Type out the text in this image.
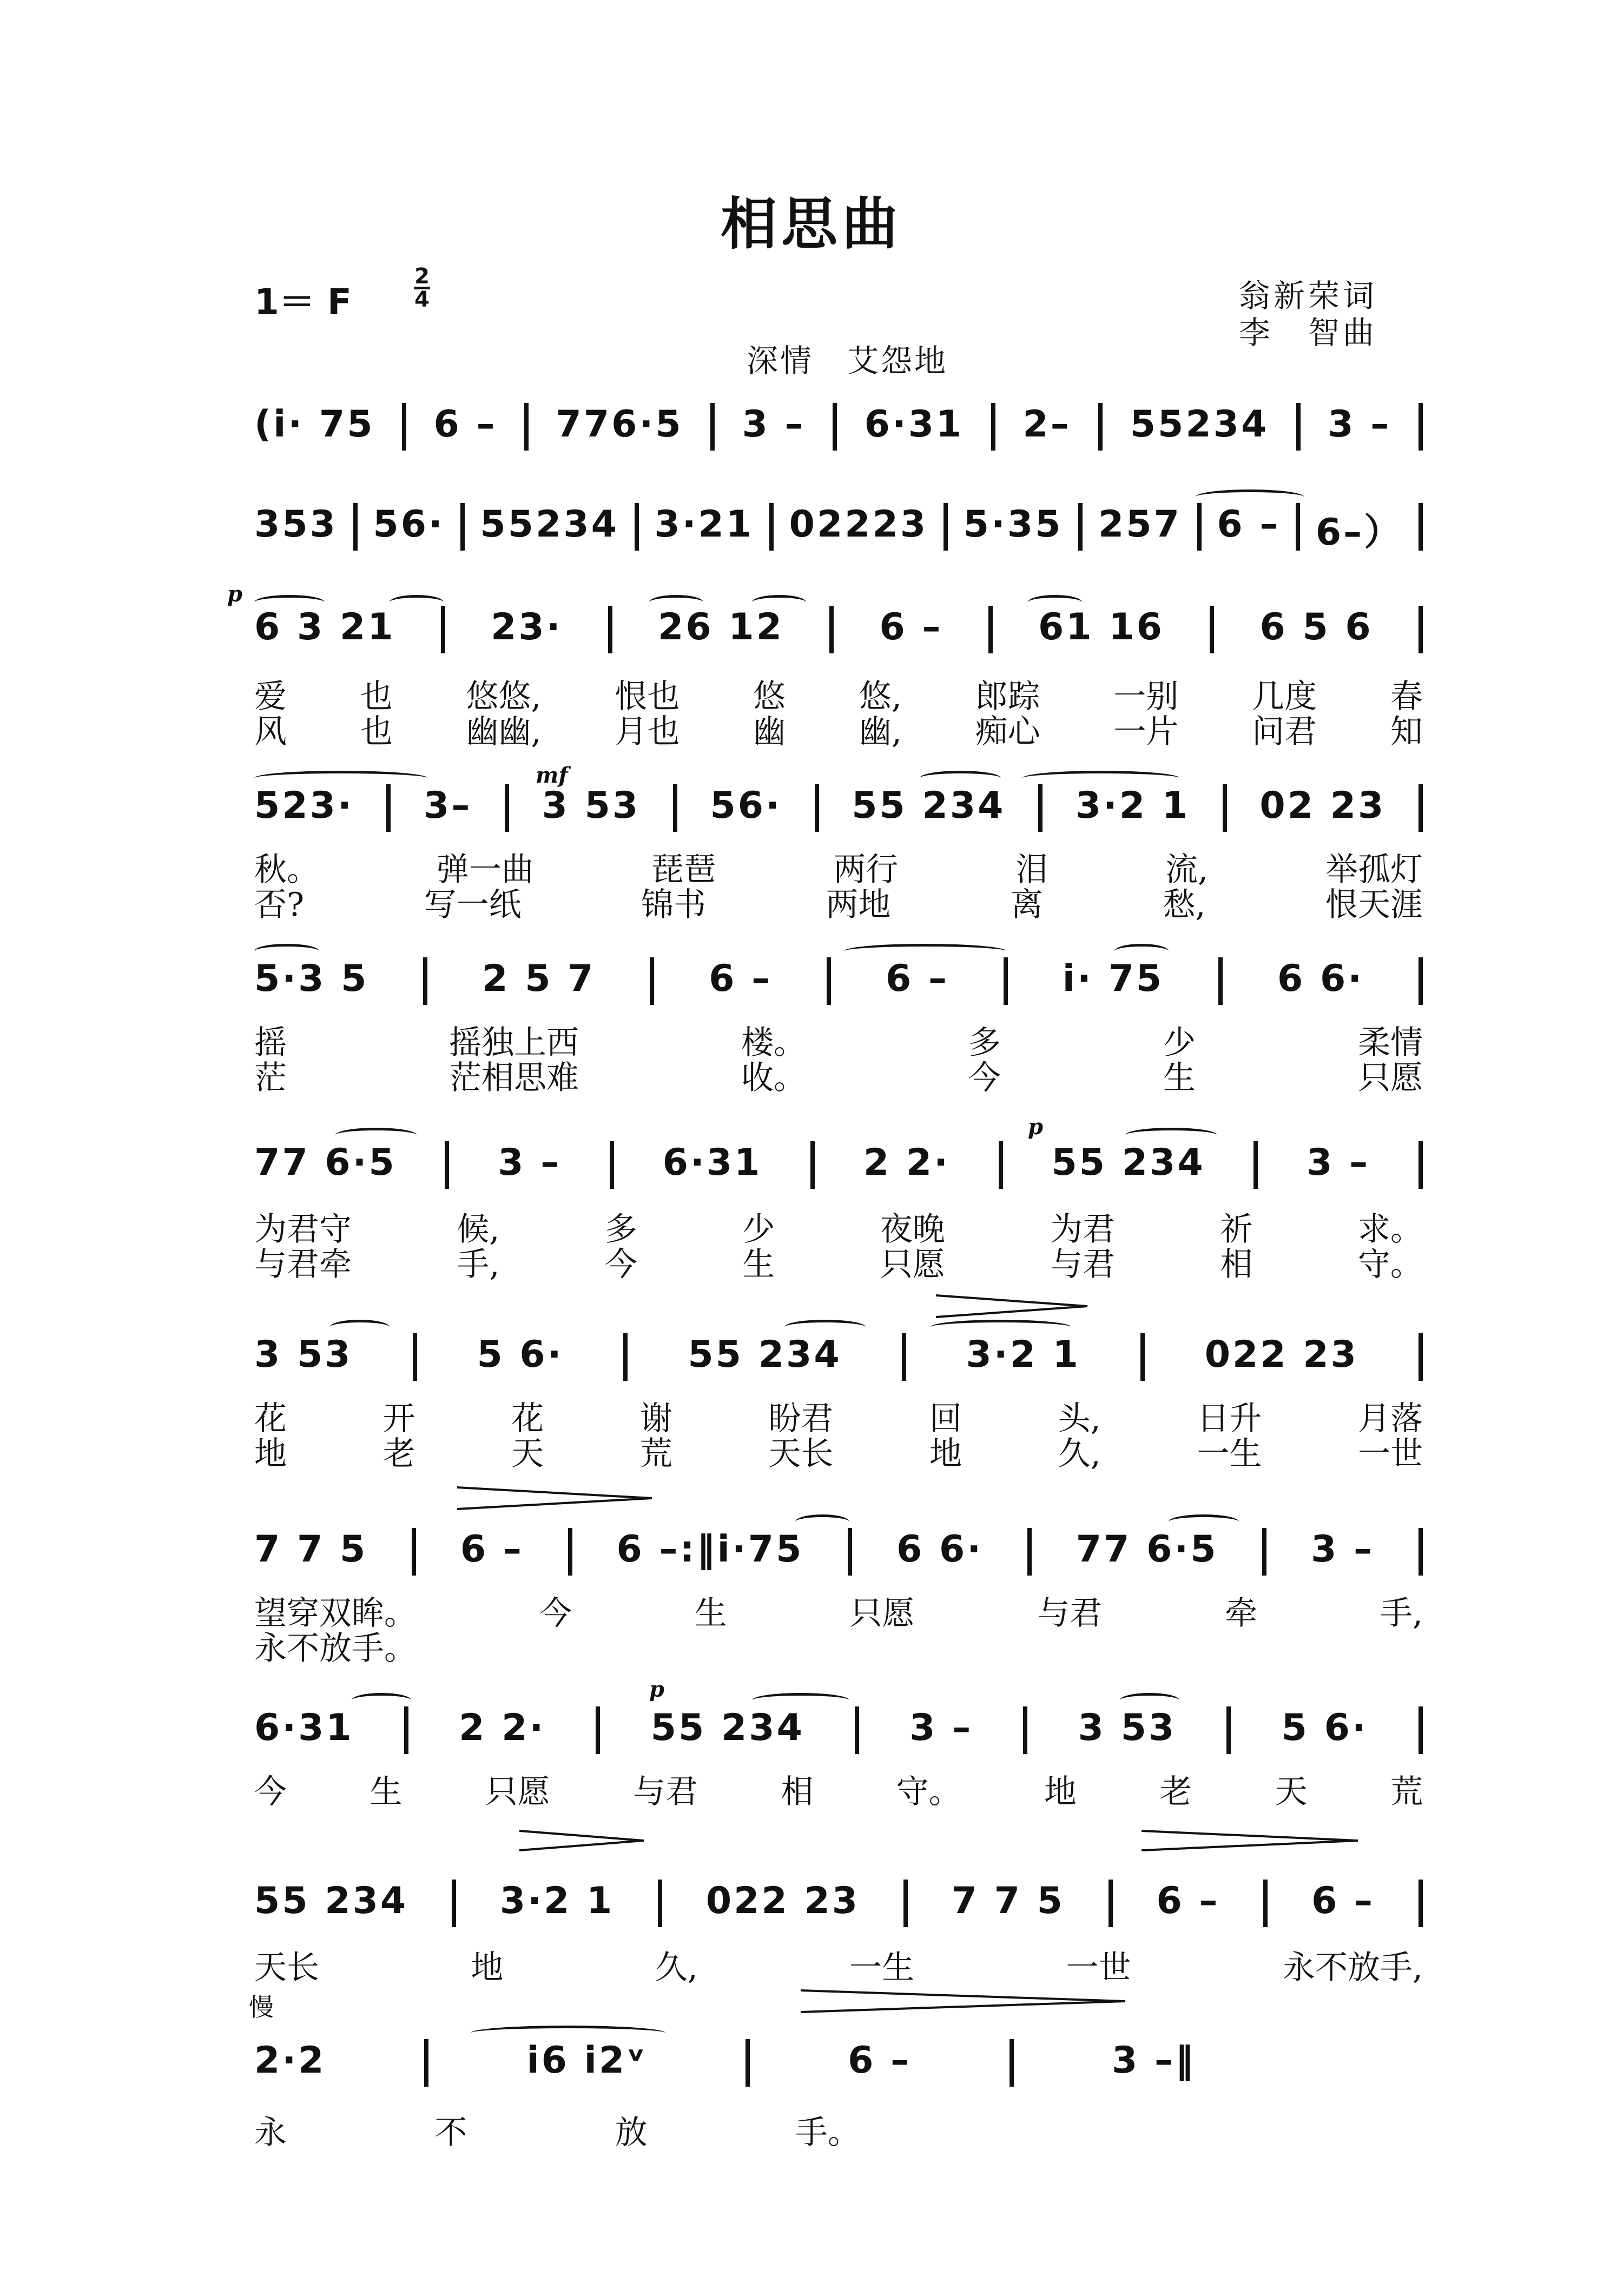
相思曲
1＝ F
2
4	翁新荣词
李　智曲
深情　艾怨地
(i̇· 75 6 – 776·5 3 – 6·31 2– 55234 3 –
353 56· 55234 3·21 02223 5·35 257 6 – 6–）
p
6 3 21	23·	26 12	6 –	61 16	6 5 6
爱 也 悠悠, 恨也 悠 悠, 郎踪 一别 几度 春
风 也 幽幽, 月也 幽 幽, 痴心 一片 问君 知
mf
523· 3– 3 53 56· 55 234 3·2 1 02 23
秋。	弹一曲	琵琶	两行	泪	流,	举孤灯
否?	写一纸	锦书	两地	离	愁,	恨天涯
5·3 5	2 5 7	6 –	6 –	i̇· 75	6 6·
摇	摇独上西	楼。	多	少	柔情
茫	茫相思难	收。	今	生	只愿
p
77 6·5	3 –	6·31	2 2·	55 234	3 –
为君守	候,	多	少	夜晚	为君	祈	求。
与君牵	手,	今	生	只愿	与君	相	守。
3 53	5 6·	55 234	3·2 1	022 23
花	开	花	谢	盼君	回	头,	日升	月落
地	老	天	荒	天长	地	久,	一生	一世
7 7 5	6 –	6 –:‖i̇·75	6 6·	77 6·5	3 –
望穿双眸。	今	生	只愿	与君	牵	手,
永不放手。
p
6·31	2 2·	55 234	3 –	3 53	5 6·
今	生	只愿	与君	相	守。	地	老	天	荒
55 234 3·2 1 022 23 7 7 5 6 – 6 –
天长	地	久,	一生	一世	永不放手,
慢
2·2	i̇6 i̇2ᵛ	6 –	3 –‖
永	不	放	手。
